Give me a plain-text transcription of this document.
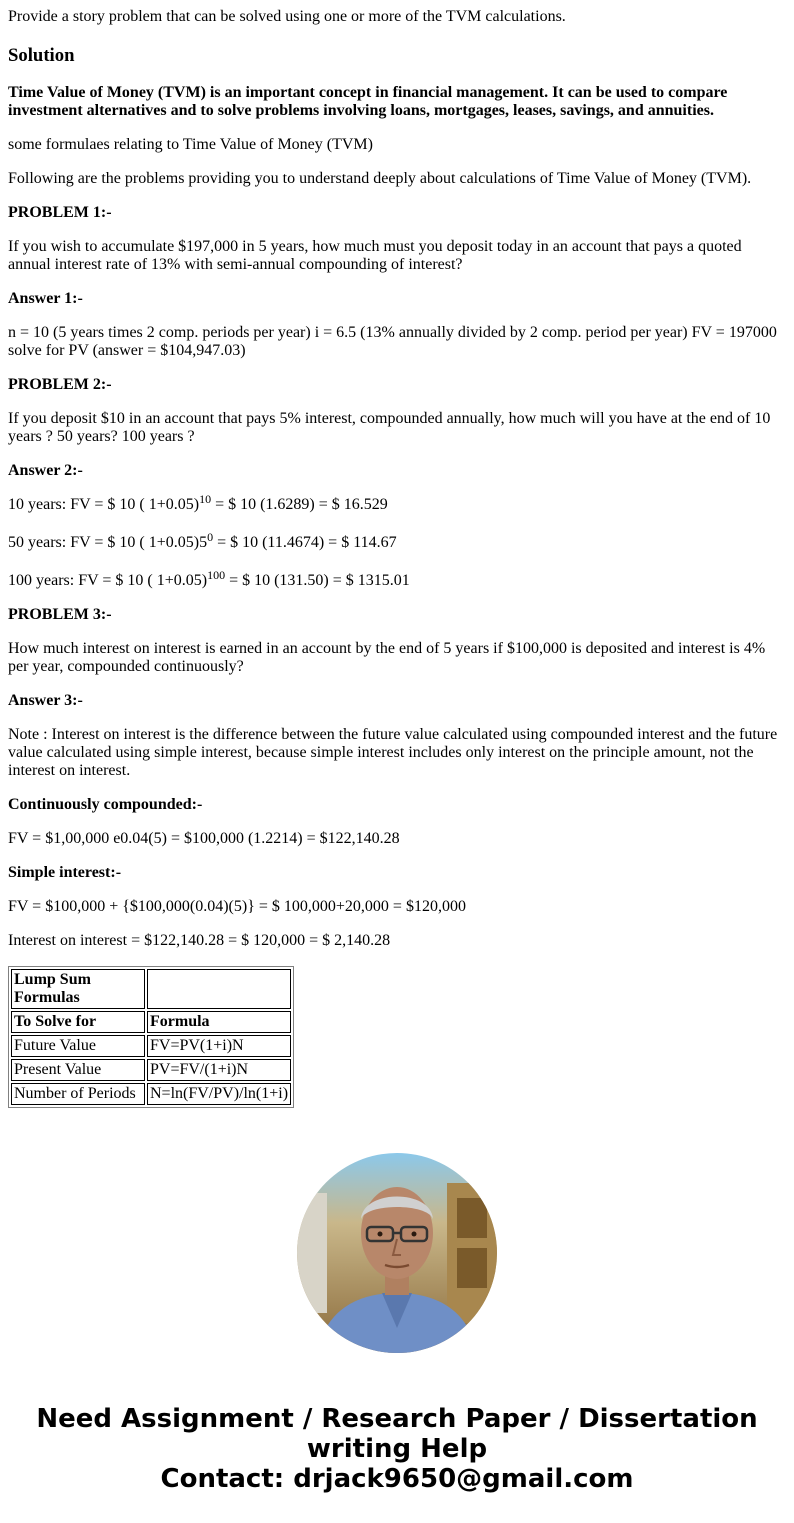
Provide a story problem that can be solved using one or more of the TVM calculations.

Solution

Time Value of Money (TVM) is an important concept in financial management. It can be used to compare investment alternatives and to solve problems involving loans, mortgages, leases, savings, and annuities.

some formulaes relating to Time Value of Money (TVM)

Following are the problems providing you to understand deeply about calculations of Time Value of Money (TVM).

PROBLEM 1:-

If you wish to accumulate $197,000 in 5 years, how much must you deposit today in an account that pays a quoted annual interest rate of 13% with semi-annual compounding of interest?

Answer 1:-

n = 10 (5 years times 2 comp. periods per year) i = 6.5 (13% annually divided by 2 comp. period per year) FV = 197000 solve for PV (answer = $104,947.03)

PROBLEM 2:-

If you deposit $10 in an account that pays 5% interest, compounded annually, how much will you have at the end of 10 years ? 50 years? 100 years ?

Answer 2:-

10 years: FV = $ 10 ( 1+0.05)$^{10}$ = $ 10 (1.6289) = $ 16.529

50 years: FV = $ 10 ( $1+0.05)5^0$ = $ 10 (11.4674) = $ 114.67

100 years: FV = $ 10 ( 1+0.05)$^{100}$ = $ 10 (131.50) = $ 1315.01

PROBLEM 3:-

How much interest on interest is earned in an account by the end of 5 years if $100,000 is deposited and interest is 4% per year, compounded continuously?

Answer 3:-

Note : Interest on interest is the difference between the future value calculated using compounded interest and the future value calculated using simple interest, because simple interest includes only interest on the principle amount, not the interest on interest.

Continuously compounded:-

FV = $1,00,000 e0.04(5) = $100,000 (1.2214) = $122,140.28

Simple interest:-

FV = $100,000 + {$100,000(0.04)(5)} = $ 100,000+20,000 = $120,000

Interest on interest = $122,140.28 = $ 120,000 = $ 2,140.28

Lump Sum Formulas	
To Solve for	Formula
Future Value	FV=PV(1+i)N
Present Value	PV=FV/(1+i)N
Number of Periods	N=ln(FV/PV)/ln(1+i)
Need Assignment / Research Paper / Dissertation
writing Help
Contact: drjack9650@gmail.com
